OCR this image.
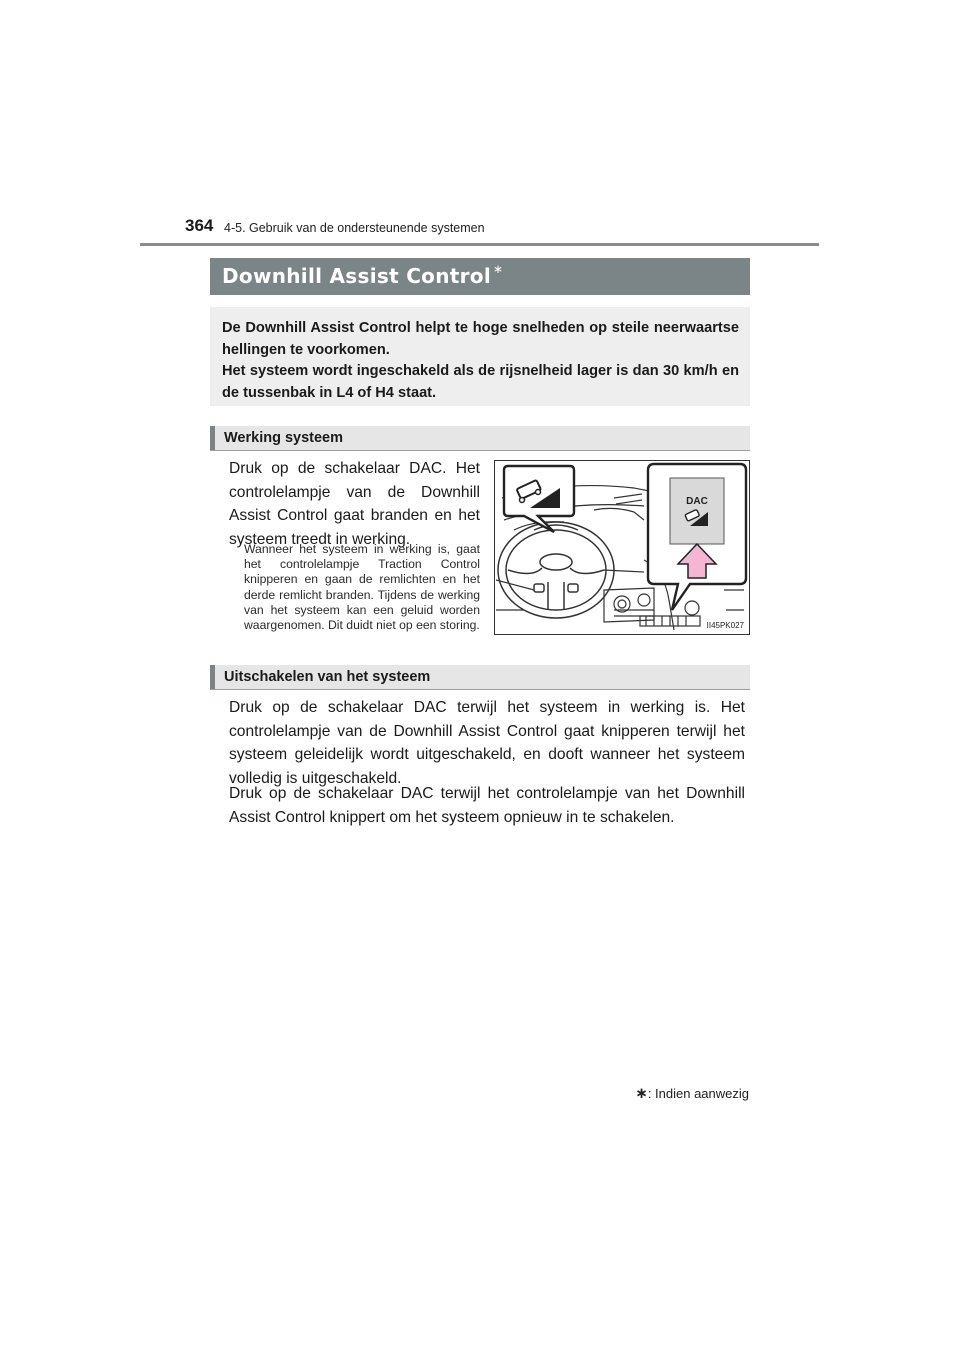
364 4-5. Gebruik van de ondersteunende systemen
Downhill Assist Control ∗
De Downhill Assist Control helpt te hoge snelheden op steile neerwaartse hellingen te voorkomen.
Het systeem wordt ingeschakeld als de rijsnelheid lager is dan 30 km/h en de tussenbak in L4 of H4 staat.
Werking systeem

Druk op de schakelaar DAC. Het controlelampje van de Downhill Assist Control gaat branden en het systeem treedt in werking.

Wanneer het systeem in werking is, gaat het controlelampje Traction Control knipperen en gaan de remlichten en het derde remlicht branden. Tijdens de werking van het systeem kan een geluid worden waargenomen. Dit duidt niet op een storing.

DAC
II45PK027
Uitschakelen van het systeem

Druk op de schakelaar DAC terwijl het systeem in werking is. Het controlelampje van de Downhill Assist Control gaat knipperen terwijl het systeem geleidelijk wordt uitgeschakeld, en dooft wanneer het systeem volledig is uitgeschakeld.

Druk op de schakelaar DAC terwijl het controlelampje van het Downhill Assist Control knippert om het systeem opnieuw in te schakelen.

∗: Indien aanwezig
